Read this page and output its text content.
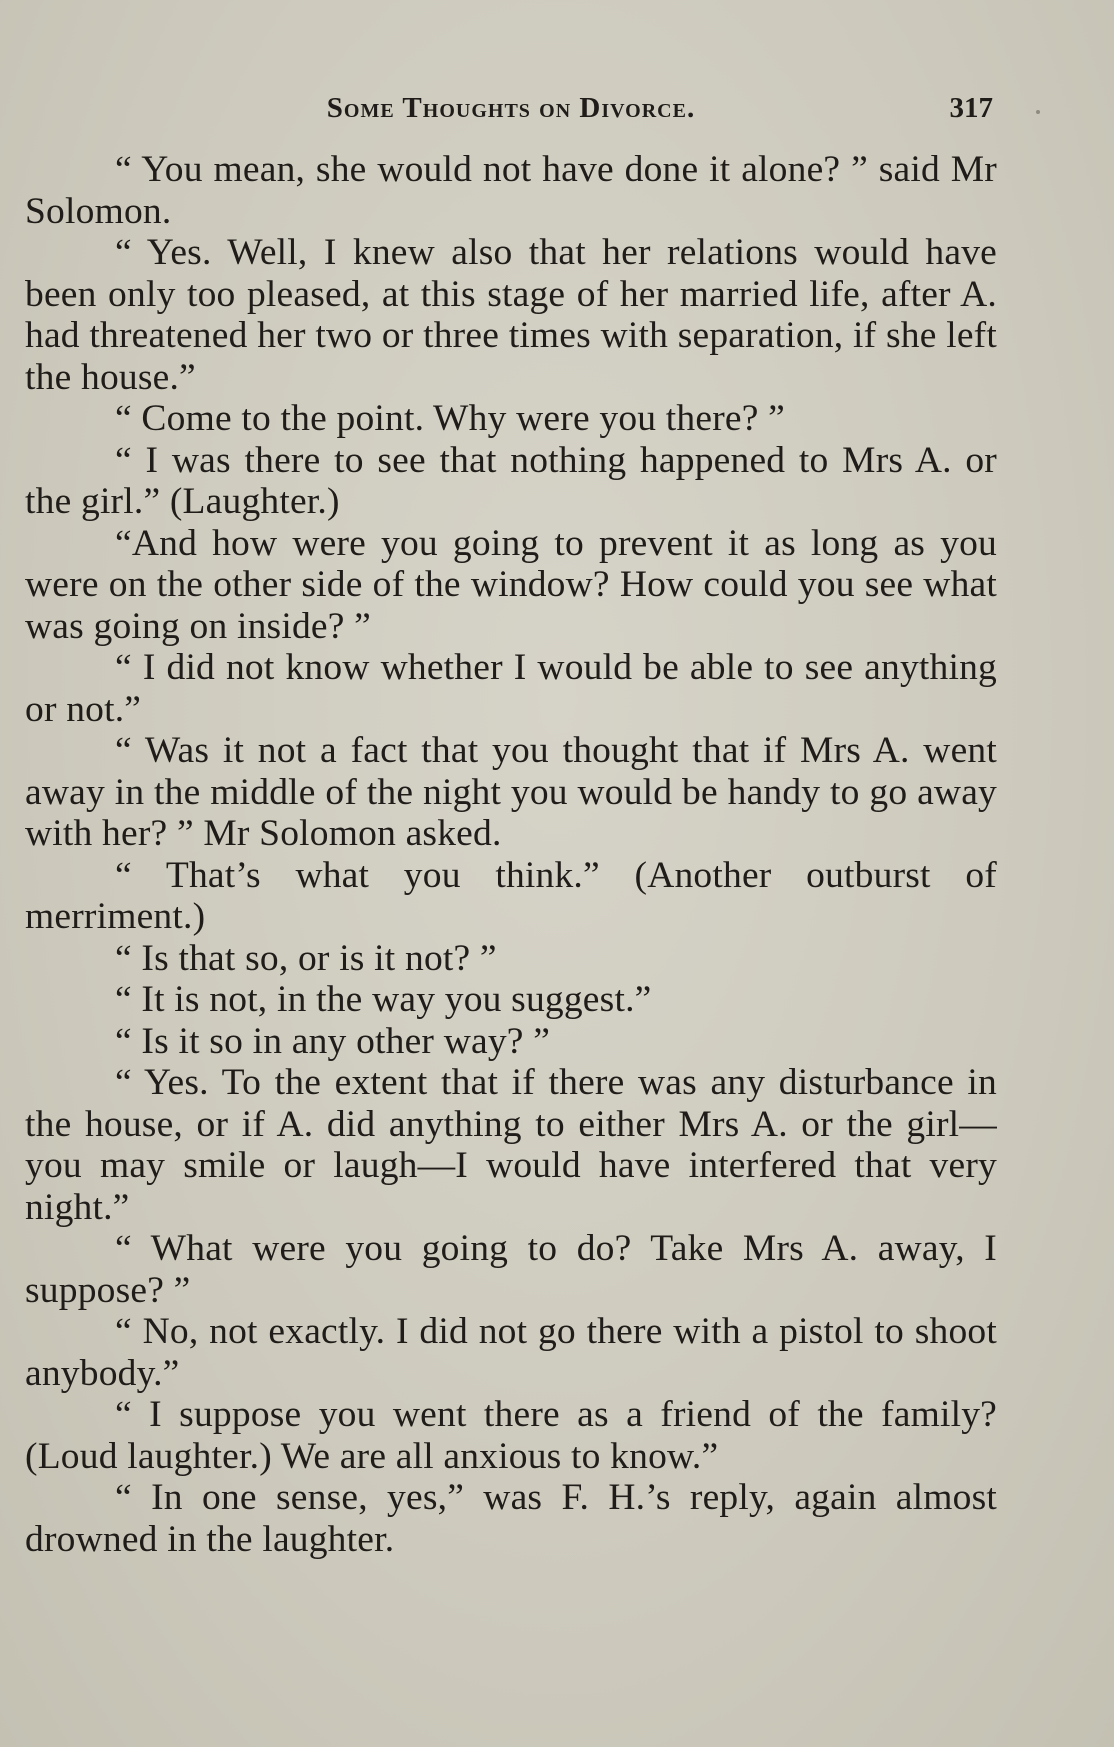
Some Thoughts on Divorce.	317

“ You mean, she would not have done it alone? ” said Mr Solomon.

“ Yes. Well, I knew also that her relations would have been only too pleased, at this stage of her married life, after A. had threatened her two or three times with separation, if she left the house.”

“ Come to the point. Why were you there? ”

“ I was there to see that nothing happened to Mrs A. or the girl.” (Laughter.)

“And how were you going to prevent it as long as you were on the other side of the window? How could you see what was going on inside? ”

“ I did not know whether I would be able to see anything or not.”

“ Was it not a fact that you thought that if Mrs A. went away in the middle of the night you would be handy to go away with her? ” Mr Solomon asked.

“ That’s what you think.” (Another outburst of merriment.)

“ Is that so, or is it not? ”

“ It is not, in the way you suggest.”

“ Is it so in any other way? ”

“ Yes. To the extent that if there was any disturbance in the house, or if A. did anything to either Mrs A. or the girl—you may smile or laugh—I would have interfered that very night.”

“ What were you going to do? Take Mrs A. away, I suppose? ”

“ No, not exactly. I did not go there with a pistol to shoot anybody.”

“ I suppose you went there as a friend of the family? (Loud laughter.) We are all anxious to know.”

“ In one sense, yes,” was F. H.’s reply, again almost drowned in the laughter.
